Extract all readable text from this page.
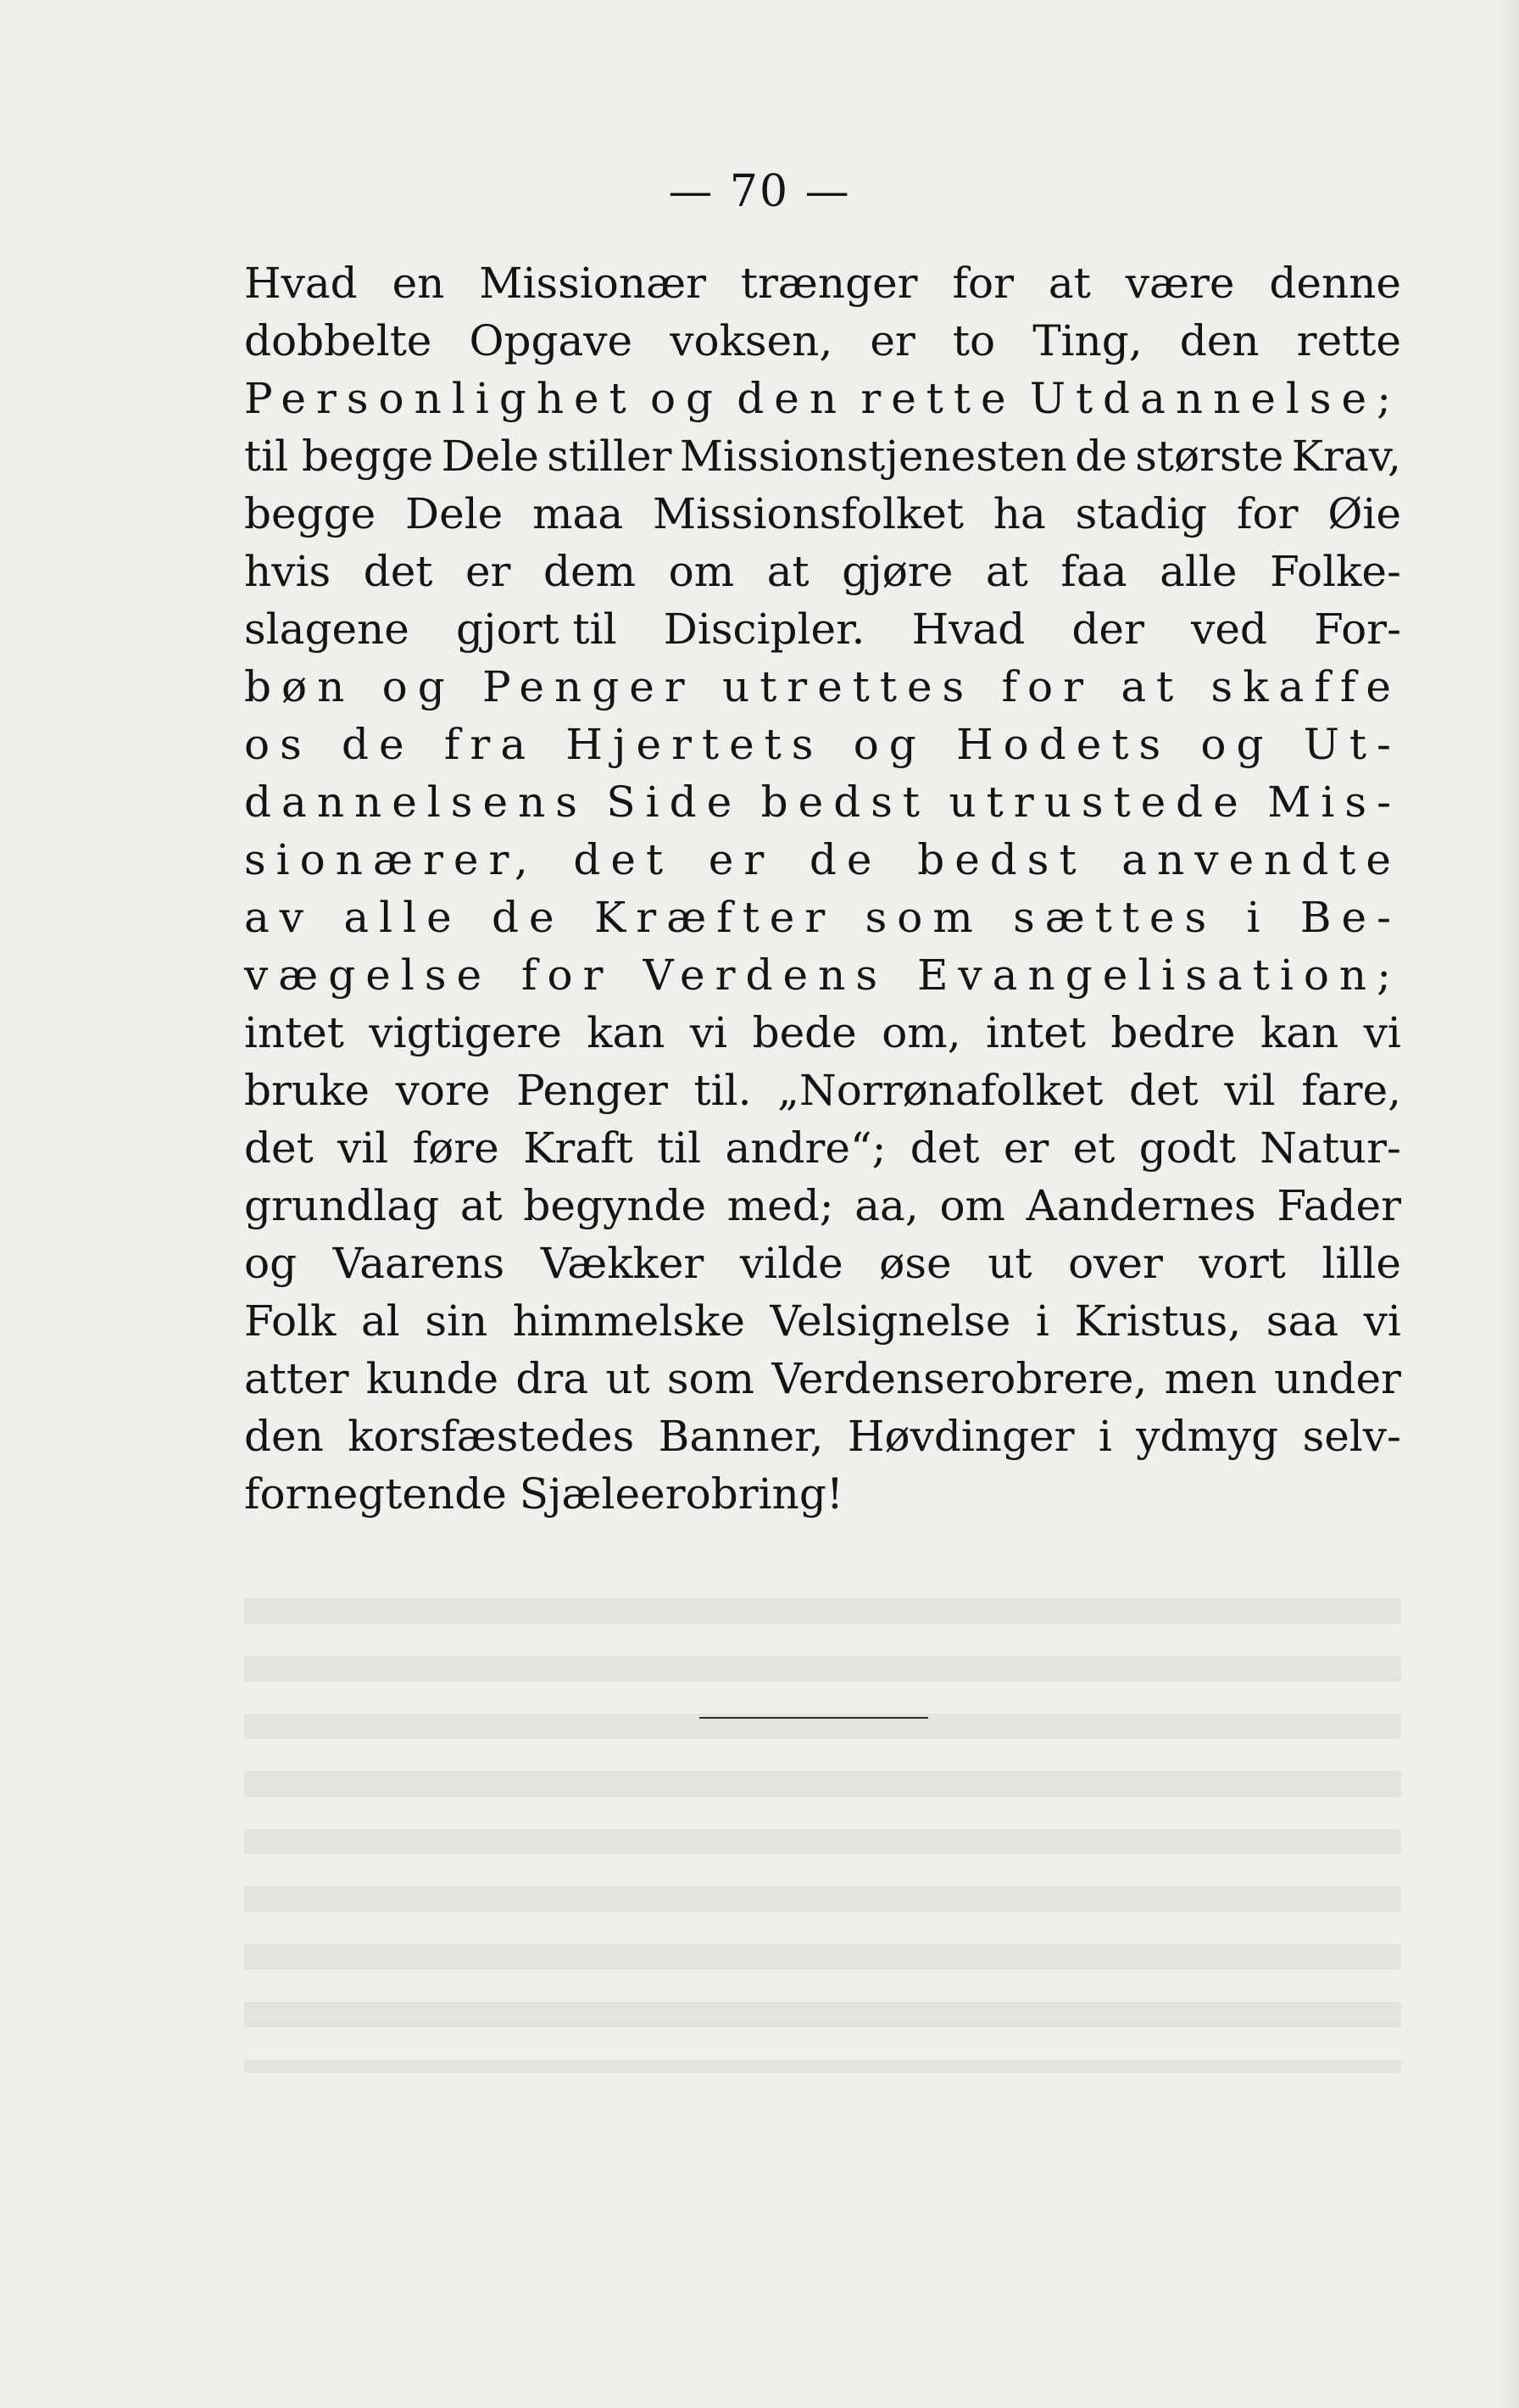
— 70 —
Hvad en Missionær trænger for at være denne
dobbelte Opgave voksen, er to Ting, den rette
Personlighet og den rette Utdannelse;
til begge Dele stiller Missionstjenesten de største Krav,
begge Dele maa Missionsfolket ha stadig for Øie
hvis det er dem om at gjøre at faa alle Folke-
slagene gjort til Discipler. Hvad der ved For-
bøn og Penger utrettes for at skaffe
os de fra Hjertets og Hodets og Ut-
dannelsens Side bedst utrustede Mis-
sionærer, det er de bedst anvendte
av alle de Kræfter som sættes i Be-
vægelse for Verdens Evangelisation;
intet vigtigere kan vi bede om, intet bedre kan vi
bruke vore Penger til. „Norrønafolket det vil fare,
det vil føre Kraft til andre“; det er et godt Natur-
grundlag at begynde med; aa, om Aandernes Fader
og Vaarens Vækker vilde øse ut over vort lille
Folk al sin himmelske Velsignelse i Kristus, saa vi
atter kunde dra ut som Verdenserobrere, men under
den korsfæstedes Banner, Høvdinger i ydmyg selv-
fornegtende Sjæleerobring!
